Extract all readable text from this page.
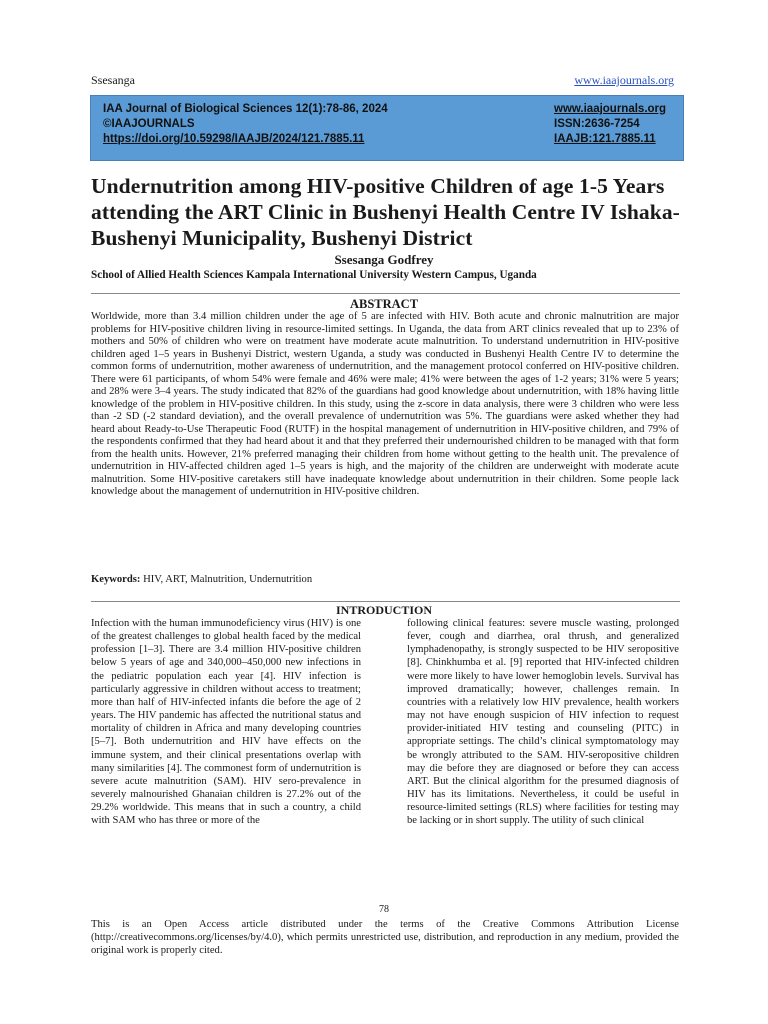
Ssesanga	www.iaajournals.org
IAA Journal of Biological Sciences 12(1):78-86, 2024
©IAAJOURNALS
https://doi.org/10.59298/IAAJB/2024/121.7885.11
www.iaajournals.org
ISSN:2636-7254
IAAJB:121.7885.11
Undernutrition among HIV-positive Children of age 1-5 Years attending the ART Clinic in Bushenyi Health Centre IV Ishaka-Bushenyi Municipality, Bushenyi District
Ssesanga Godfrey
School of Allied Health Sciences Kampala International University Western Campus, Uganda
ABSTRACT
Worldwide, more than 3.4 million children under the age of 5 are infected with HIV. Both acute and chronic malnutrition are major problems for HIV-positive children living in resource-limited settings. In Uganda, the data from ART clinics revealed that up to 23% of mothers and 50% of children who were on treatment have moderate acute malnutrition. To understand undernutrition in HIV-positive children aged 1–5 years in Bushenyi District, western Uganda, a study was conducted in Bushenyi Health Centre IV to determine the common forms of undernutrition, mother awareness of undernutrition, and the management protocol conferred on HIV-positive children. There were 61 participants, of whom 54% were female and 46% were male; 41% were between the ages of 1-2 years; 31% were 5 years; and 28% were 3–4 years. The study indicated that 82% of the guardians had good knowledge about undernutrition, with 18% having little knowledge of the problem in HIV-positive children. In this study, using the z-score in data analysis, there were 3 children who were less than -2 SD (-2 standard deviation), and the overall prevalence of undernutrition was 5%. The guardians were asked whether they had heard about Ready-to-Use Therapeutic Food (RUTF) in the hospital management of undernutrition in HIV-positive children, and 79% of the respondents confirmed that they had heard about it and that they preferred their undernourished children to be managed with that form from the health units. However, 21% preferred managing their children from home without getting to the health unit. The prevalence of undernutrition in HIV-affected children aged 1–5 years is high, and the majority of the children are underweight with moderate acute malnutrition. Some HIV-positive caretakers still have inadequate knowledge about undernutrition in their children. Some people lack knowledge about the management of undernutrition in HIV-positive children.
Keywords: HIV, ART, Malnutrition, Undernutrition
INTRODUCTION
Infection with the human immunodeficiency virus (HIV) is one of the greatest challenges to global health faced by the medical profession [1–3]. There are 3.4 million HIV-positive children below 5 years of age and 340,000–450,000 new infections in the pediatric population each year [4]. HIV infection is particularly aggressive in children without access to treatment; more than half of HIV-infected infants die before the age of 2 years. The HIV pandemic has affected the nutritional status and mortality of children in Africa and many developing countries [5–7]. Both undernutrition and HIV have effects on the immune system, and their clinical presentations overlap with many similarities [4]. The commonest form of undernutrition is severe acute malnutrition (SAM). HIV sero-prevalence in severely malnourished Ghanaian children is 27.2% out of the 29.2% worldwide. This means that in such a country, a child with SAM who has three or more of the
following clinical features: severe muscle wasting, prolonged fever, cough and diarrhea, oral thrush, and generalized lymphadenopathy, is strongly suspected to be HIV seropositive [8]. Chinkhumba et al. [9] reported that HIV-infected children were more likely to have lower hemoglobin levels. Survival has improved dramatically; however, challenges remain. In countries with a relatively low HIV prevalence, health workers may not have enough suspicion of HIV infection to request provider-initiated HIV testing and counseling (PITC) in appropriate settings. The child’s clinical symptomatology may be wrongly attributed to the SAM. HIV-seropositive children may die before they are diagnosed or before they can access ART. But the clinical algorithm for the presumed diagnosis of HIV has its limitations. Nevertheless, it could be useful in resource-limited settings (RLS) where facilities for testing may be lacking or in short supply. The utility of such clinical
78
This is an Open Access article distributed under the terms of the Creative Commons Attribution License (http://creativecommons.org/licenses/by/4.0), which permits unrestricted use, distribution, and reproduction in any medium, provided the original work is properly cited.
